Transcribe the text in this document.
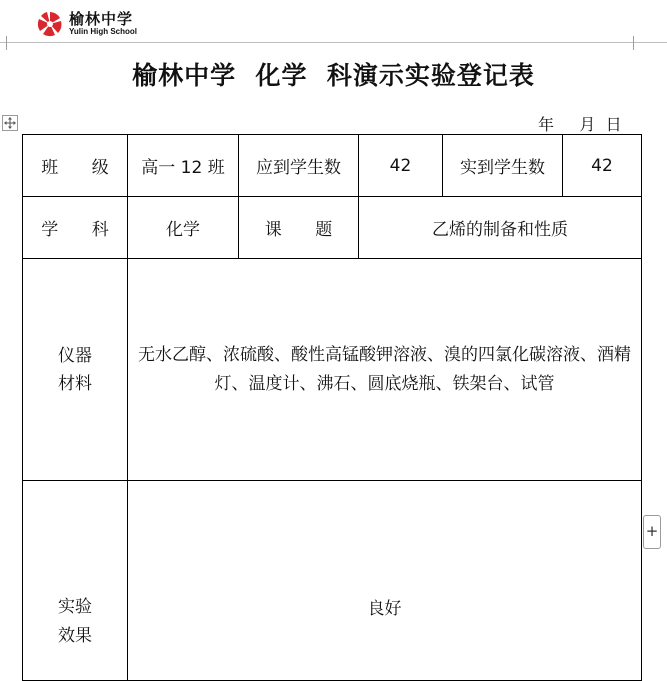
榆林中学
Yulin High School
榆林中学  化学  科演示实验登记表
年     月  日
班 级	高一 12 班	应到学生数	42	实到学生数	42
学 科	化学	课 题	乙烯的制备和性质		
仪器
材料	无水乙醇、浓硫酸、酸性高锰酸钾溶液、溴的四氯化碳溶液、酒精灯、温度计、沸石、圆底烧瓶、铁架台、试管				

实验
效果	良好				
+
